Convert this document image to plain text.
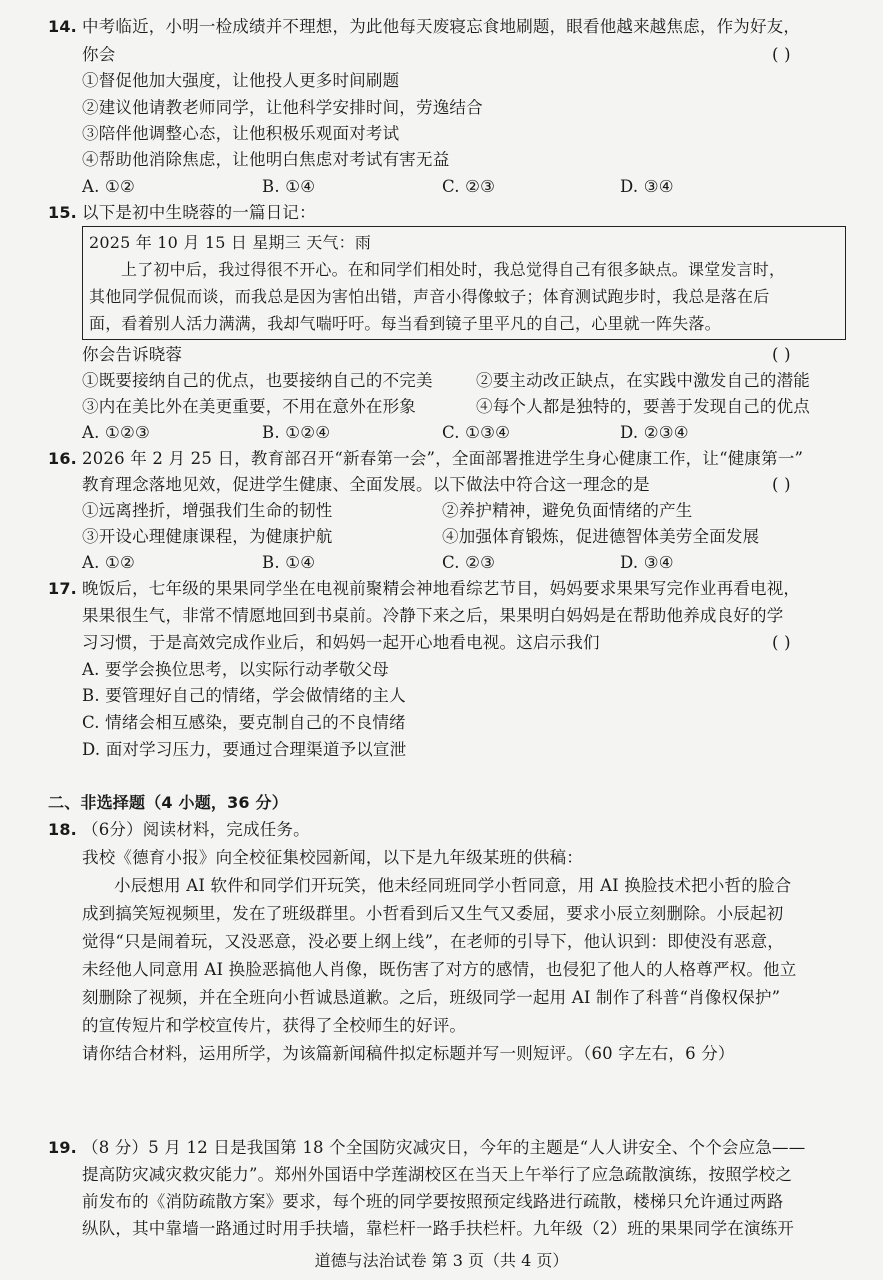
14. 中考临近，小明一检成绩并不理想，为此他每天废寝忘食地刷题，眼看他越来越焦虑，作为好友，
你会	( )
①督促他加大强度，让他投人更多时间刷题
②建议他请教老师同学，让他科学安排时间，劳逸结合
③陪伴他调整心态，让他积极乐观面对考试
④帮助他消除焦虑，让他明白焦虑对考试有害无益
A. ①②	B. ①④	C. ②③	D. ③④
15. 以下是初中生晓蓉的一篇日记：
2025 年 10 月 15 日 星期三 天气：雨
上了初中后，我过得很不开心。在和同学们相处时，我总觉得自己有很多缺点。课堂发言时，
其他同学侃侃而谈，而我总是因为害怕出错，声音小得像蚊子；体育测试跑步时，我总是落在后
面，看着别人活力满满，我却气喘吁吁。每当看到镜子里平凡的自己，心里就一阵失落。
你会告诉晓蓉	( )
①既要接纳自己的优点，也要接纳自己的不完美	②要主动改正缺点，在实践中激发自己的潜能
③内在美比外在美更重要，不用在意外在形象	④每个人都是独特的，要善于发现自己的优点
A. ①②③	B. ①②④	C. ①③④	D. ②③④
16. 2026 年 2 月 25 日，教育部召开“新春第一会”，全面部署推进学生身心健康工作，让“健康第一”
教育理念落地见效，促进学生健康、全面发展。以下做法中符合这一理念的是	( )
①远离挫折，增强我们生命的韧性	②养护精神，避免负面情绪的产生
③开设心理健康课程，为健康护航	④加强体育锻炼，促进德智体美劳全面发展
A. ①②	B. ①④	C. ②③	D. ③④
17. 晚饭后，七年级的果果同学坐在电视前聚精会神地看综艺节目，妈妈要求果果写完作业再看电视，
果果很生气，非常不情愿地回到书桌前。冷静下来之后，果果明白妈妈是在帮助他养成良好的学
习习惯，于是高效完成作业后，和妈妈一起开心地看电视。这启示我们	( )
A. 要学会换位思考，以实际行动孝敬父母
B. 要管理好自己的情绪，学会做情绪的主人
C. 情绪会相互感染，要克制自己的不良情绪
D. 面对学习压力，要通过合理渠道予以宣泄
二、非选择题（4 小题，36 分）
18. （6分）阅读材料，完成任务。
我校《德育小报》向全校征集校园新闻，以下是九年级某班的供稿：
小辰想用 AI 软件和同学们开玩笑，他未经同班同学小哲同意，用 AI 换脸技术把小哲的脸合
成到搞笑短视频里，发在了班级群里。小哲看到后又生气又委屈，要求小辰立刻删除。小辰起初
觉得“只是闹着玩，又没恶意，没必要上纲上线”，在老师的引导下，他认识到：即使没有恶意，
未经他人同意用 AI 换脸恶搞他人肖像，既伤害了对方的感情，也侵犯了他人的人格尊严权。他立
刻删除了视频，并在全班向小哲诚恳道歉。之后，班级同学一起用 AI 制作了科普“肖像权保护”
的宣传短片和学校宣传片，获得了全校师生的好评。
请你结合材料，运用所学，为该篇新闻稿件拟定标题并写一则短评。（60 字左右，6 分）
19. （8 分）5 月 12 日是我国第 18 个全国防灾减灾日，今年的主题是“人人讲安全、个个会应急——
提高防灾减灾救灾能力”。郑州外国语中学莲湖校区在当天上午举行了应急疏散演练，按照学校之
前发布的《消防疏散方案》要求，每个班的同学要按照预定线路进行疏散，楼梯只允许通过两路
纵队，其中靠墙一路通过时用手扶墙，靠栏杆一路手扶栏杆。九年级（2）班的果果同学在演练开
道德与法治试卷 第 3 页（共 4 页）
